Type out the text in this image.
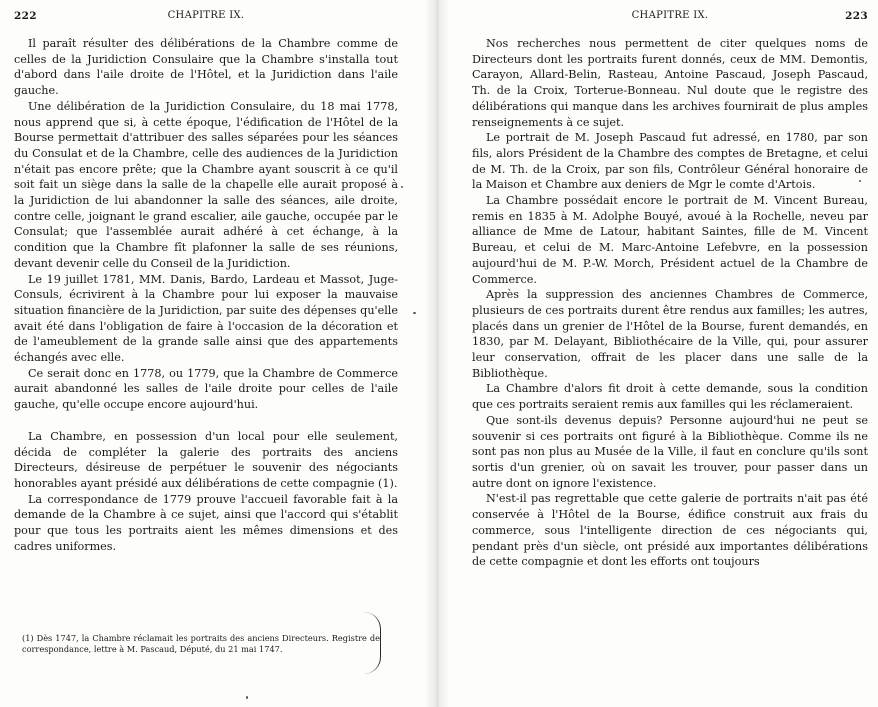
222	CHAPITRE IX.

Il paraît résulter des délibérations de la Chambre comme de celles de la Juridiction Consulaire que la Chambre s'installa tout d'abord dans l'aile droite de l'Hôtel, et la Juridiction dans l'aile gauche.

Une délibération de la Juridiction Consulaire, du 18 mai 1778, nous apprend que si, à cette époque, l'édification de l'Hôtel de la Bourse permettait d'attribuer des salles séparées pour les séances du Consulat et de la Chambre, celle des audiences de la Juridiction n'était pas encore prête; que la Chambre ayant souscrit à ce qu'il soit fait un siège dans la salle de la chapelle elle aurait proposé à la Juridiction de lui abandonner la salle des séances, aile droite, contre celle, joignant le grand escalier, aile gauche, occupée par le Consulat; que l'assemblée aurait adhéré à cet échange, à la condition que la Chambre fît plafonner la salle de ses réunions, devant devenir celle du Conseil de la Juridiction.

Le 19 juillet 1781, MM. Danis, Bardo, Lardeau et Massot, Juge-Consuls, écrivirent à la Chambre pour lui exposer la mauvaise situation financière de la Juridiction, par suite des dépenses qu'elle avait été dans l'obligation de faire à l'occasion de la décoration et de l'ameublement de la grande salle ainsi que des appartements échangés avec elle.

Ce serait donc en 1778, ou 1779, que la Chambre de Commerce aurait abandonné les salles de l'aile droite pour celles de l'aile gauche, qu'elle occupe encore aujourd'hui.

La Chambre, en possession d'un local pour elle seulement, décida de compléter la galerie des portraits des anciens Directeurs, désireuse de perpétuer le souvenir des négociants honorables ayant présidé aux délibérations de cette compagnie (1).

La correspondance de 1779 prouve l'accueil favorable fait à la demande de la Chambre à ce sujet, ainsi que l'accord qui s'établit pour que tous les portraits aient les mêmes dimensions et des cadres uniformes.

(1) Dès 1747, la Chambre réclamait les portraits des anciens Directeurs. Registre de correspondance, lettre à M. Pascaud, Député, du 21 mai 1747.
CHAPITRE IX.	223

Nos recherches nous permettent de citer quelques noms de Directeurs dont les portraits furent donnés, ceux de MM. Demontis, Carayon, Allard-Belin, Rasteau, Antoine Pascaud, Joseph Pascaud, Th. de la Croix, Torterue-Bonneau. Nul doute que le registre des délibérations qui manque dans les archives fournirait de plus amples renseignements à ce sujet.

Le portrait de M. Joseph Pascaud fut adressé, en 1780, par son fils, alors Président de la Chambre des comptes de Bretagne, et celui de M. Th. de la Croix, par son fils, Contrôleur Général honoraire de la Maison et Chambre aux deniers de Mgr le comte d'Artois.

La Chambre possédait encore le portrait de M. Vincent Bureau, remis en 1835 à M. Adolphe Bouyé, avoué à la Rochelle, neveu par alliance de Mme de Latour, habitant Saintes, fille de M. Vincent Bureau, et celui de M. Marc-Antoine Lefebvre, en la possession aujourd'hui de M. P.-W. Morch, Président actuel de la Chambre de Commerce.

Après la suppression des anciennes Chambres de Commerce, plusieurs de ces portraits durent être rendus aux familles; les autres, placés dans un grenier de l'Hôtel de la Bourse, furent demandés, en 1830, par M. Delayant, Bibliothécaire de la Ville, qui, pour assurer leur conservation, offrait de les placer dans une salle de la Bibliothèque.

La Chambre d'alors fit droit à cette demande, sous la condition que ces portraits seraient remis aux familles qui les réclameraient.

Que sont-ils devenus depuis? Personne aujourd'hui ne peut se souvenir si ces portraits ont figuré à la Bibliothèque. Comme ils ne sont pas non plus au Musée de la Ville, il faut en conclure qu'ils sont sortis d'un grenier, où on savait les trouver, pour passer dans un autre dont on ignore l'existence.

N'est-il pas regrettable que cette galerie de portraits n'ait pas été conservée à l'Hôtel de la Bourse, édifice construit aux frais du commerce, sous l'intelligente direction de ces négociants qui, pendant près d'un siècle, ont présidé aux importantes délibérations de cette compagnie et dont les efforts ont toujours
